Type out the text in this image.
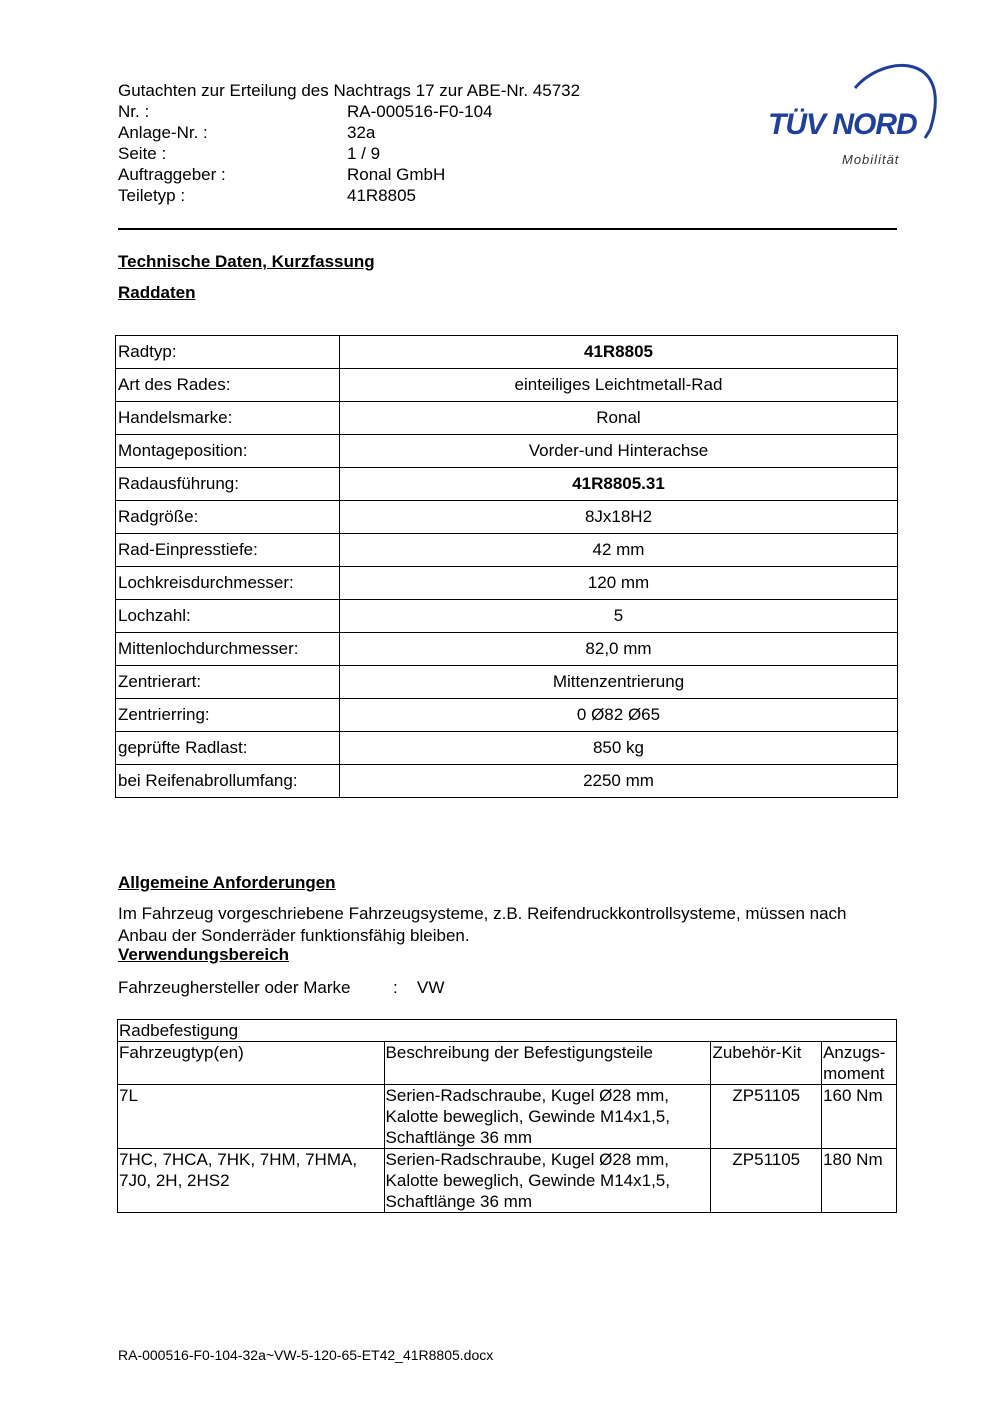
Gutachten zur Erteilung des Nachtrags 17 zur ABE-Nr. 45732
Nr. :	RA-000516-F0-104
Anlage-Nr. :	32a
Seite :	1 / 9
Auftraggeber :	Ronal GmbH
Teiletyp :	41R8805
TÜV NORD
Mobilität
Technische Daten, Kurzfassung
Raddaten
Radtyp:	41R8805
Art des Rades:	einteiliges Leichtmetall-Rad
Handelsmarke:	Ronal
Montageposition:	Vorder-und Hinterachse
Radausführung:	41R8805.31
Radgröße:	8Jx18H2
Rad-Einpresstiefe:	42 mm
Lochkreisdurchmesser:	120 mm
Lochzahl:	5
Mittenlochdurchmesser:	82,0 mm
Zentrierart:	Mittenzentrierung
Zentrierring:	0 Ø82 Ø65
geprüfte Radlast:	850 kg
bei Reifenabrollumfang:	2250 mm
Allgemeine Anforderungen
Im Fahrzeug vorgeschriebene Fahrzeugsysteme, z.B. Reifendruckkontrollsysteme, müssen nach Anbau der Sonderräder funktionsfähig bleiben.
Verwendungsbereich
Fahrzeughersteller oder Marke	: VW
Radbefestigung			
Fahrzeugtyp(en)	Beschreibung der Befestigungsteile	Zubehör-Kit	Anzugs-moment
7L	Serien-Radschraube, Kugel Ø28 mm, Kalotte beweglich, Gewinde M14x1,5, Schaftlänge 36 mm	ZP51105	160 Nm
7HC, 7HCA, 7HK, 7HM, 7HMA, 7J0, 2H, 2HS2	Serien-Radschraube, Kugel Ø28 mm, Kalotte beweglich, Gewinde M14x1,5, Schaftlänge 36 mm	ZP51105	180 Nm
RA-000516-F0-104-32a~VW-5-120-65-ET42_41R8805.docx
